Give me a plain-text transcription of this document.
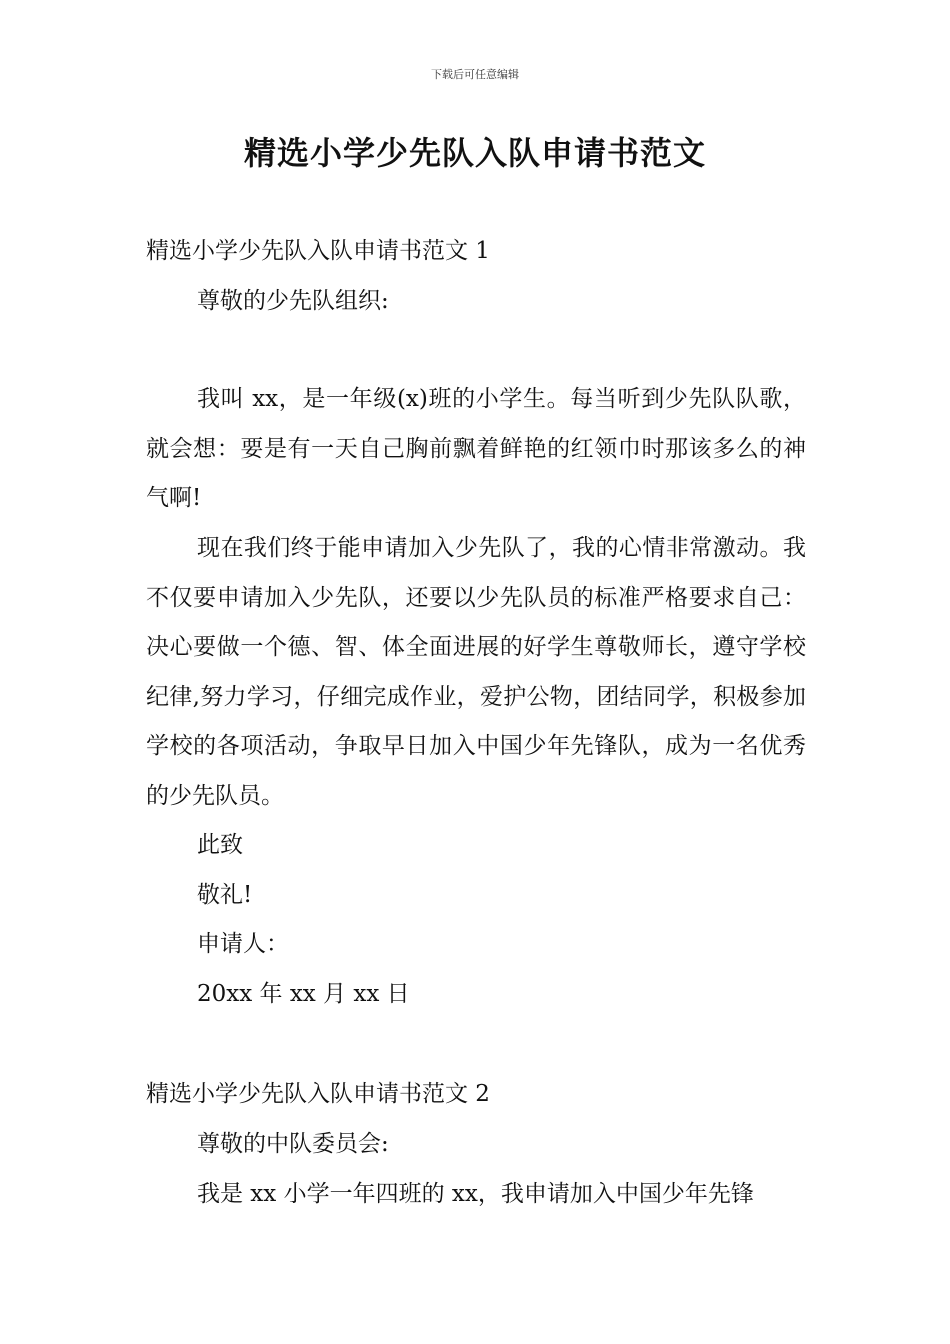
下载后可任意编辑
精选小学少先队入队申请书范文

精选小学少先队入队申请书范文 1

尊敬的少先队组织:

我叫 xx，是一年级(x)班的小学生。每当听到少先队队歌，就会想：要是有一天自己胸前飘着鲜艳的红领巾时那该多么的神气啊!

现在我们终于能申请加入少先队了，我的心情非常激动。我不仅要申请加入少先队，还要以少先队员的标准严格要求自己：决心要做一个德、智、体全面进展的好学生尊敬师长，遵守学校纪律,努力学习，仔细完成作业，爱护公物，团结同学，积极参加学校的各项活动，争取早日加入中国少年先锋队，成为一名优秀的少先队员。

此致

敬礼!

申请人：

20xx 年 xx 月 xx 日

精选小学少先队入队申请书范文 2

尊敬的中队委员会:

我是 xx 小学一年四班的 xx，我申请加入中国少年先锋
